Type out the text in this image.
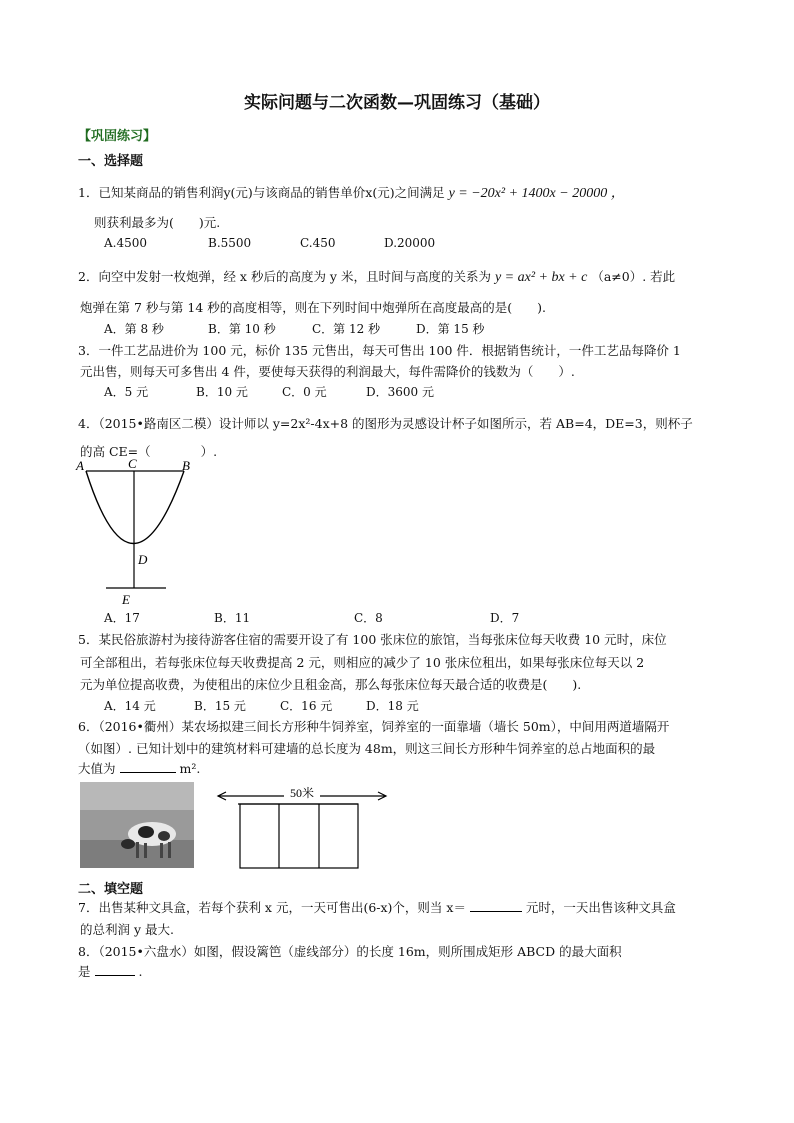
实际问题与二次函数—巩固练习（基础）
【巩固练习】
一、选择题
1．已知某商品的销售利润y(元)与该商品的销售单价x(元)之间满足 y = −20x² + 1400x − 20000 ，
则获利最多为(　　)元.
A.4500	B.5500	C.450	D.20000
2．向空中发射一枚炮弹，经 x 秒后的高度为 y 米，且时间与高度的关系为 y = ax² + bx + c （a≠0）. 若此
炮弹在第 7 秒与第 14 秒的高度相等，则在下列时间中炮弹所在高度最高的是(　　).
A．第 8 秒	B．第 10 秒	C．第 12 秒	D．第 15 秒
3．一件工艺品进价为 100 元，标价 135 元售出，每天可售出 100 件．根据销售统计，一件工艺品每降价 1
元出售，则每天可多售出 4 件，要使每天获得的利润最大，每件需降价的钱数为（　　）.
A．5 元	B．10 元	C．0 元	D．3600 元
4．（2015•路南区二模）设计师以 y=2x²-4x+8 的图形为灵感设计杯子如图所示，若 AB=4，DE=3，则杯子
的高 CE=（　　　　）.
A	C	B
D
E
A．17	B．11	C．8	D．7
5．某民俗旅游村为接待游客住宿的需要开设了有 100 张床位的旅馆，当每张床位每天收费 10 元时，床位
可全部租出，若每张床位每天收费提高 2 元，则相应的减少了 10 张床位租出，如果每张床位每天以 2
元为单位提高收费，为使租出的床位少且租金高，那么每张床位每天最合适的收费是(　　).
A．14 元	B．15 元	C．16 元	D．18 元
6．（2016•衢州）某农场拟建三间长方形种牛饲养室，饲养室的一面靠墙（墙长 50m），中间用两道墙隔开
（如图）. 已知计划中的建筑材料可建墙的总长度为 48m，则这三间长方形种牛饲养室的总占地面积的最
大值为	m².
50米
二、填空题
7．出售某种文具盒，若每个获利 x 元，一天可售出(6-x)个，则当 x＝	元时，一天出售该种文具盒
的总利润 y 最大.
8．（2015•六盘水）如图，假设篱笆（虚线部分）的长度 16m，则所围成矩形 ABCD 的最大面积
是	.
